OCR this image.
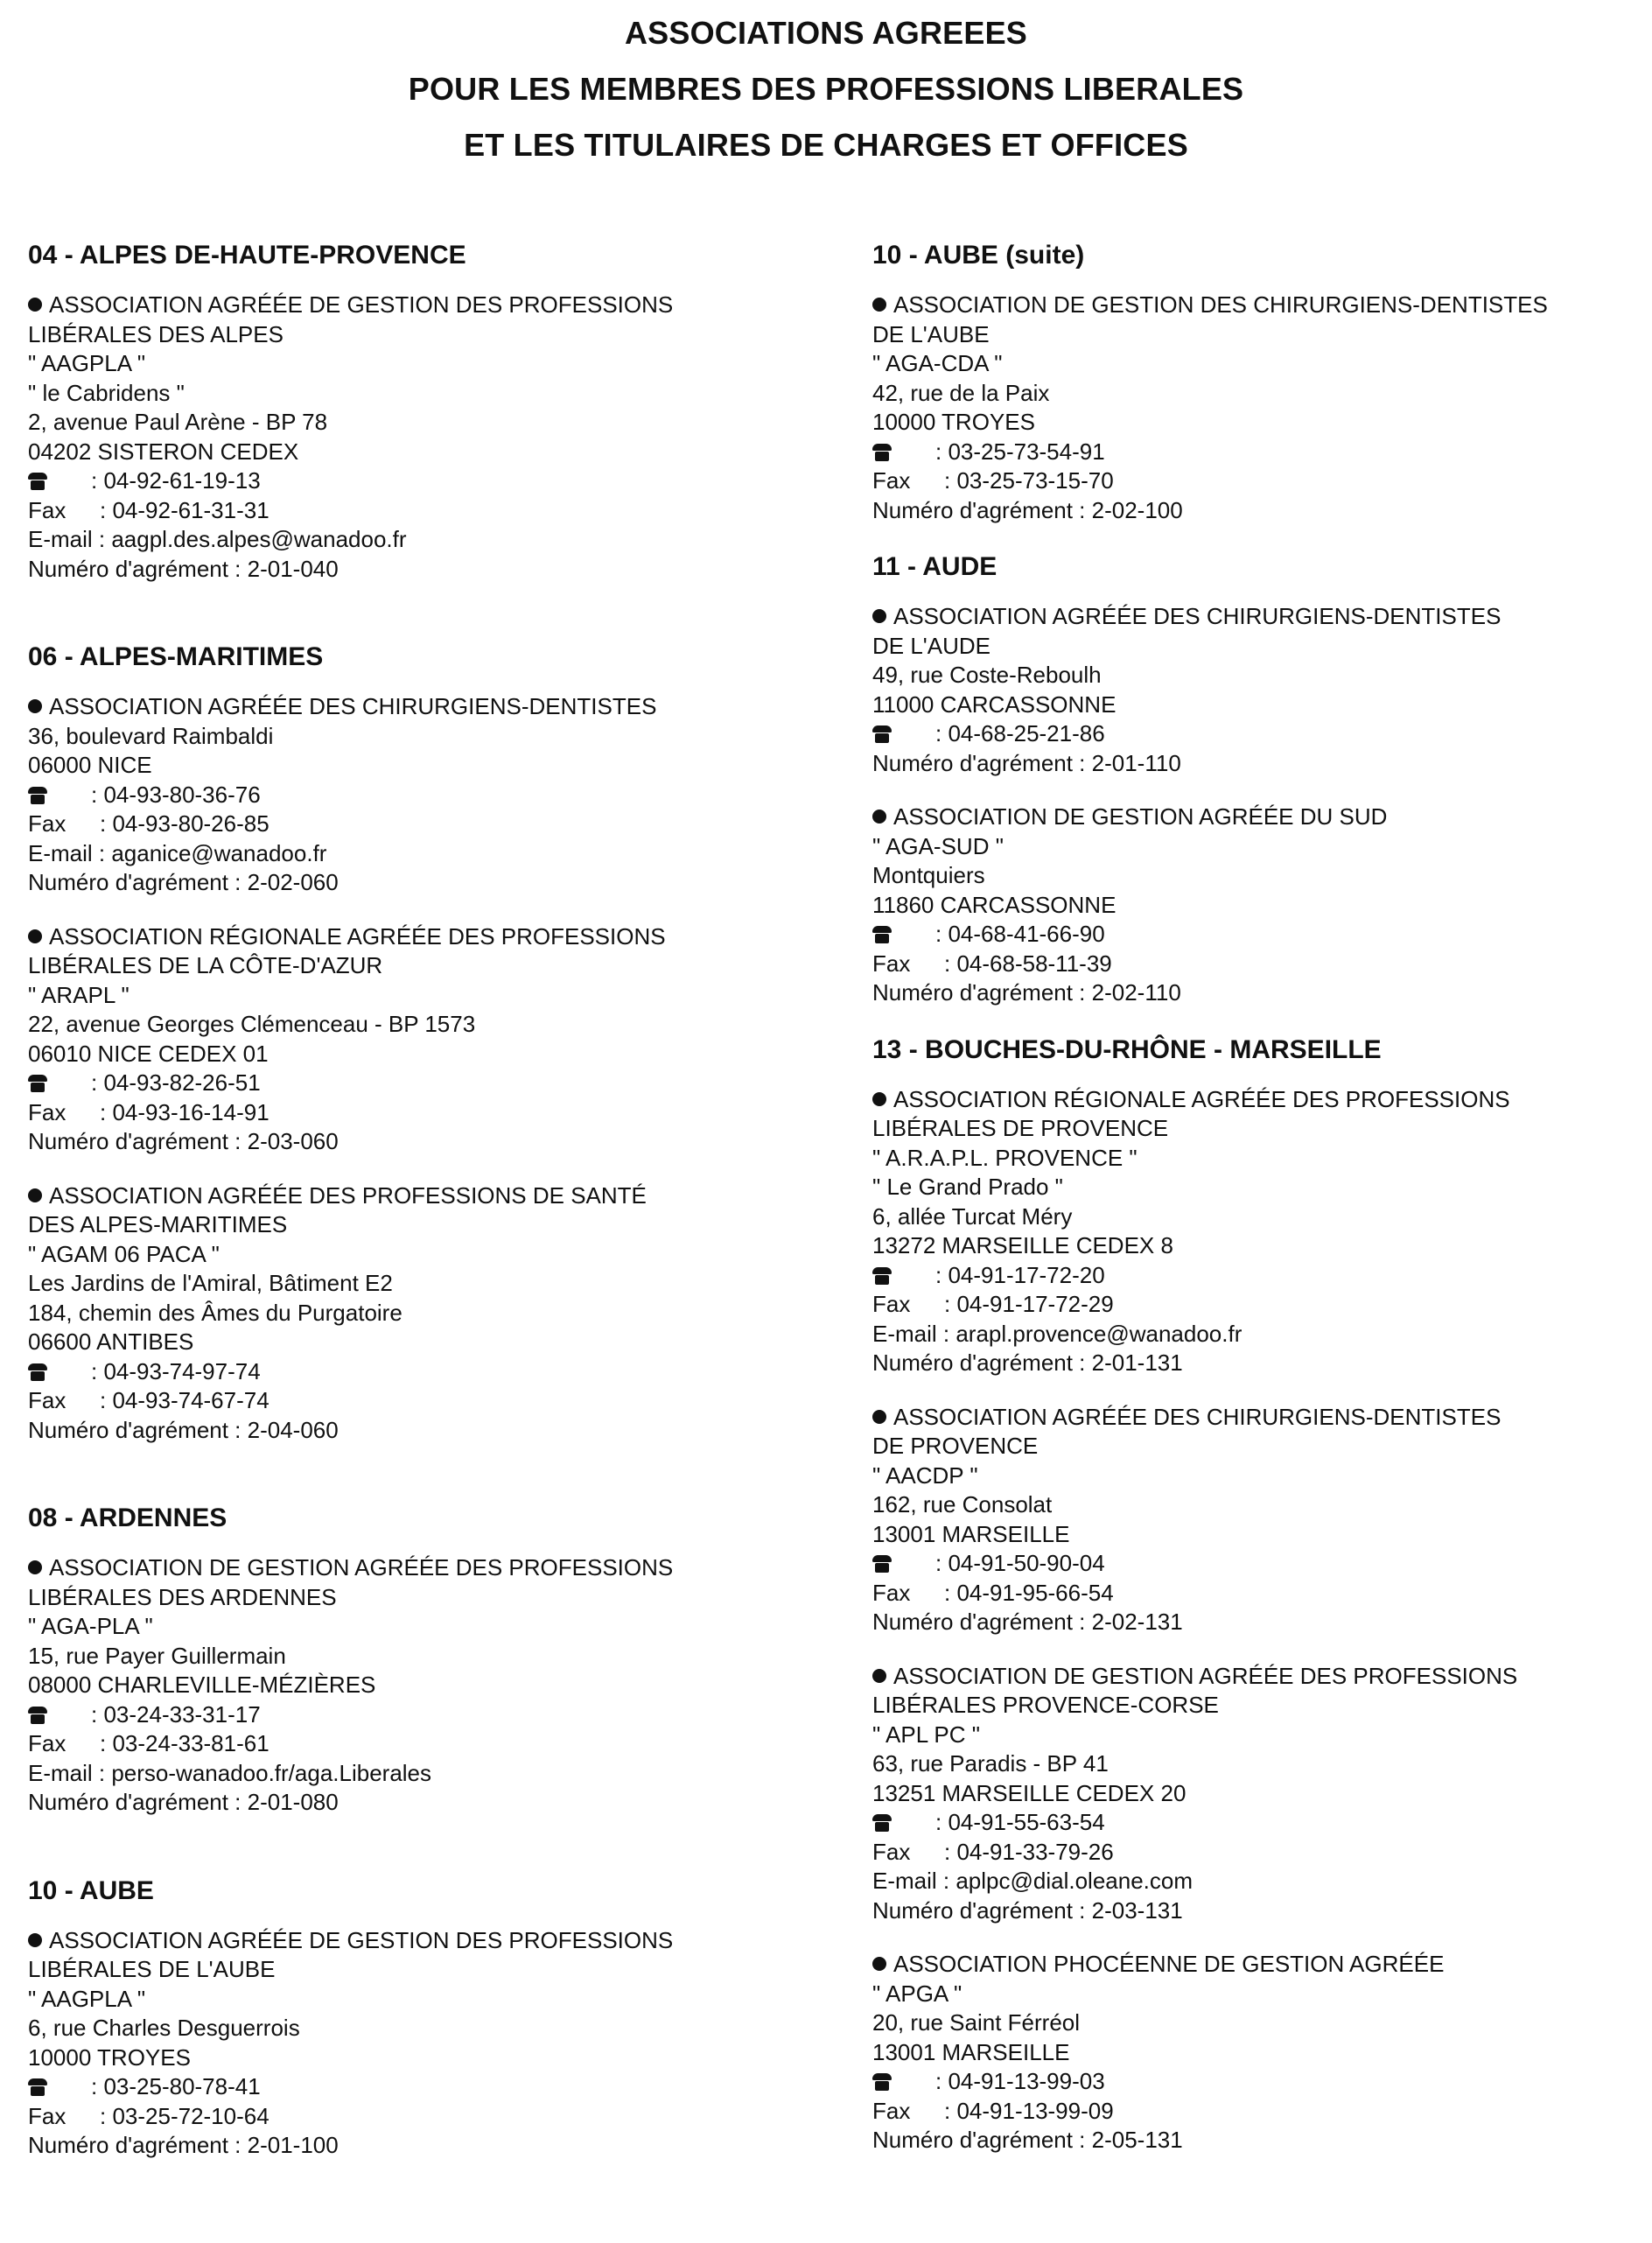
ASSOCIATIONS AGREEES
POUR LES MEMBRES DES PROFESSIONS LIBERALES
ET LES TITULAIRES DE CHARGES ET OFFICES
04 - ALPES DE-HAUTE-PROVENCE
ASSOCIATION AGRÉÉE DE GESTION DES PROFESSIONS
LIBÉRALES DES ALPES
" AAGPLA "
" le Cabridens "
2, avenue Paul Arène - BP 78
04202 SISTERON CEDEX
: 04-92-61-19-13
Fax : 04-92-61-31-31
E-mail : aagpl.des.alpes@wanadoo.fr
Numéro d'agrément : 2-01-040
06 - ALPES-MARITIMES
ASSOCIATION AGRÉÉE DES CHIRURGIENS-DENTISTES
36, boulevard Raimbaldi
06000 NICE
: 04-93-80-36-76
Fax : 04-93-80-26-85
E-mail : aganice@wanadoo.fr
Numéro d'agrément : 2-02-060
ASSOCIATION RÉGIONALE AGRÉÉE DES PROFESSIONS
LIBÉRALES DE LA CÔTE-D'AZUR
" ARAPL "
22, avenue Georges Clémenceau - BP 1573
06010 NICE CEDEX 01
: 04-93-82-26-51
Fax : 04-93-16-14-91
Numéro d'agrément : 2-03-060
ASSOCIATION AGRÉÉE DES PROFESSIONS DE SANTÉ
DES ALPES-MARITIMES
" AGAM 06 PACA "
Les Jardins de l'Amiral, Bâtiment E2
184, chemin des Âmes du Purgatoire
06600 ANTIBES
: 04-93-74-97-74
Fax : 04-93-74-67-74
Numéro d'agrément : 2-04-060
08 - ARDENNES
ASSOCIATION DE GESTION AGRÉÉE DES PROFESSIONS
LIBÉRALES DES ARDENNES
" AGA-PLA "
15, rue Payer Guillermain
08000 CHARLEVILLE-MÉZIÈRES
: 03-24-33-31-17
Fax : 03-24-33-81-61
E-mail : perso-wanadoo.fr/aga.Liberales
Numéro d'agrément : 2-01-080
10 - AUBE
ASSOCIATION AGRÉÉE DE GESTION DES PROFESSIONS
LIBÉRALES DE L'AUBE
" AAGPLA "
6, rue Charles Desguerrois
10000 TROYES
: 03-25-80-78-41
Fax : 03-25-72-10-64
Numéro d'agrément : 2-01-100
10 - AUBE (suite)
ASSOCIATION DE GESTION DES CHIRURGIENS-DENTISTES
DE L'AUBE
" AGA-CDA "
42, rue de la Paix
10000 TROYES
: 03-25-73-54-91
Fax : 03-25-73-15-70
Numéro d'agrément : 2-02-100
11 - AUDE
ASSOCIATION AGRÉÉE DES CHIRURGIENS-DENTISTES
DE L'AUDE
49, rue Coste-Reboulh
11000 CARCASSONNE
: 04-68-25-21-86
Numéro d'agrément : 2-01-110
ASSOCIATION DE GESTION AGRÉÉE DU SUD
" AGA-SUD "
Montquiers
11860 CARCASSONNE
: 04-68-41-66-90
Fax : 04-68-58-11-39
Numéro d'agrément : 2-02-110
13 - BOUCHES-DU-RHÔNE - MARSEILLE
ASSOCIATION RÉGIONALE AGRÉÉE DES PROFESSIONS
LIBÉRALES DE PROVENCE
" A.R.A.P.L. PROVENCE "
" Le Grand Prado "
6, allée Turcat Méry
13272 MARSEILLE CEDEX 8
: 04-91-17-72-20
Fax : 04-91-17-72-29
E-mail : arapl.provence@wanadoo.fr
Numéro d'agrément : 2-01-131
ASSOCIATION AGRÉÉE DES CHIRURGIENS-DENTISTES
DE PROVENCE
" AACDP "
162, rue Consolat
13001 MARSEILLE
: 04-91-50-90-04
Fax : 04-91-95-66-54
Numéro d'agrément : 2-02-131
ASSOCIATION DE GESTION AGRÉÉE DES PROFESSIONS
LIBÉRALES PROVENCE-CORSE
" APL PC "
63, rue Paradis - BP 41
13251 MARSEILLE CEDEX 20
: 04-91-55-63-54
Fax : 04-91-33-79-26
E-mail : aplpc@dial.oleane.com
Numéro d'agrément : 2-03-131
ASSOCIATION PHOCÉENNE DE GESTION AGRÉÉE
" APGA "
20, rue Saint Férréol
13001 MARSEILLE
: 04-91-13-99-03
Fax : 04-91-13-99-09
Numéro d'agrément : 2-05-131
